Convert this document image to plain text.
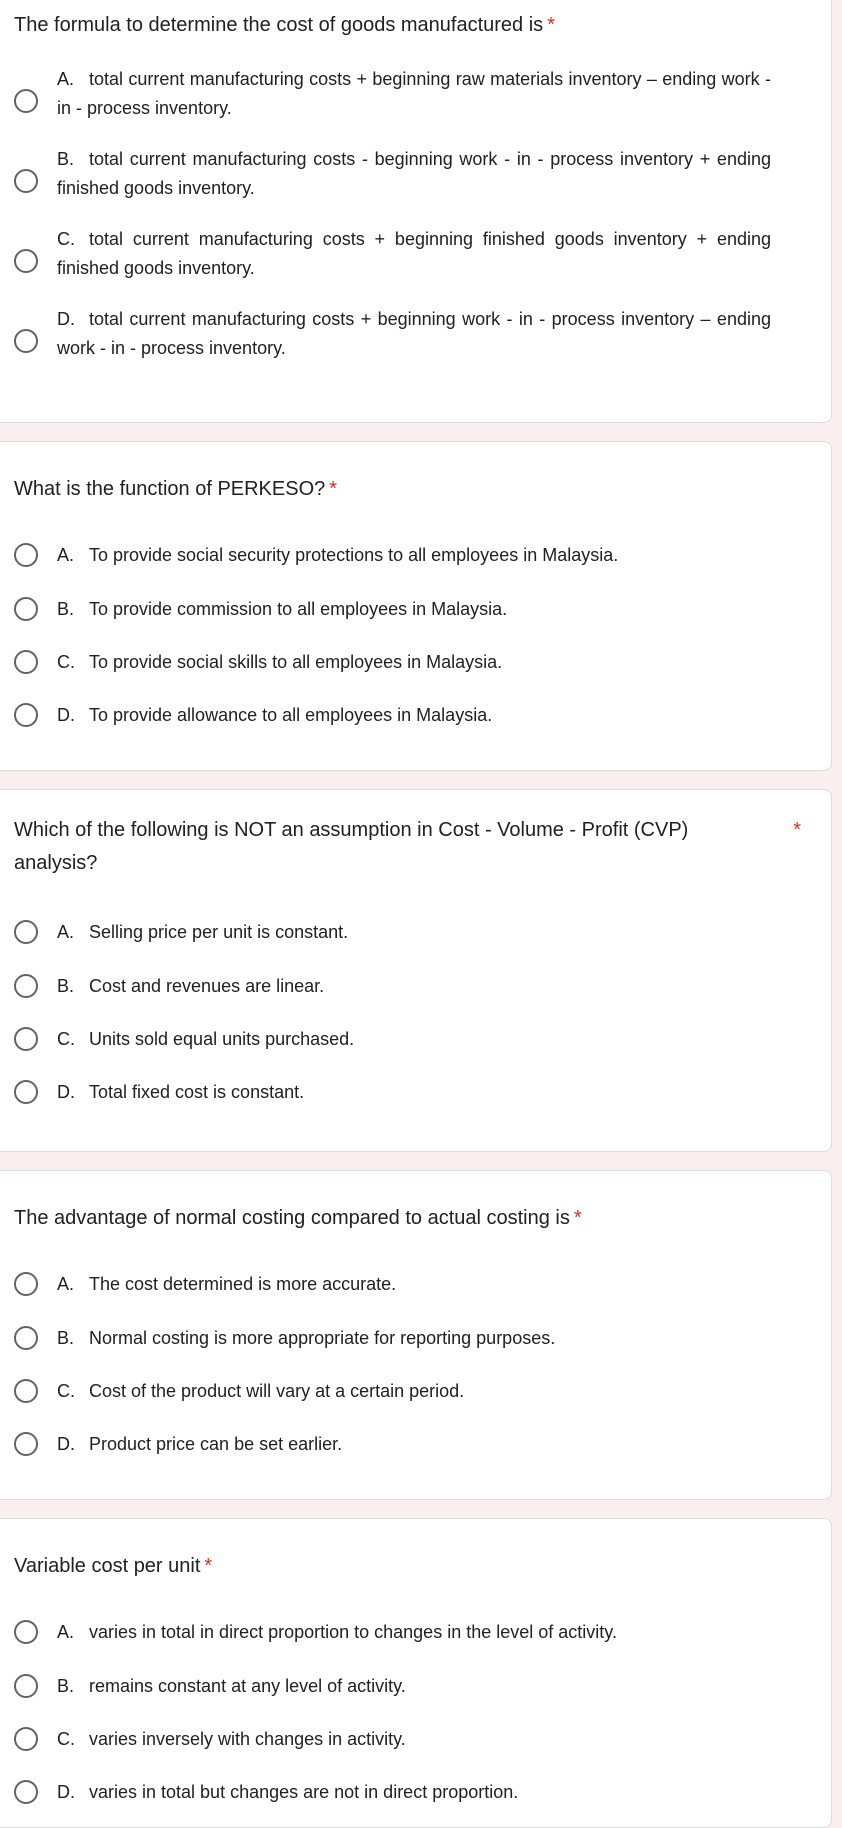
The formula to determine the cost of goods manufactured is *
A. total current manufacturing costs + beginning raw materials inventory – ending work - in - process inventory.
B. total current manufacturing costs - beginning work - in - process inventory + ending finished goods inventory.
C. total current manufacturing costs + beginning finished goods inventory + ending finished goods inventory.
D. total current manufacturing costs + beginning work - in - process inventory – ending work - in - process inventory.
What is the function of PERKESO? *
A. To provide social security protections to all employees in Malaysia.
B. To provide commission to all employees in Malaysia.
C. To provide social skills to all employees in Malaysia.
D. To provide allowance to all employees in Malaysia.
Which of the following is NOT an assumption in Cost - Volume - Profit (CVP) analysis?
*
A. Selling price per unit is constant.
B. Cost and revenues are linear.
C. Units sold equal units purchased.
D. Total fixed cost is constant.
The advantage of normal costing compared to actual costing is *
A. The cost determined is more accurate.
B. Normal costing is more appropriate for reporting purposes.
C. Cost of the product will vary at a certain period.
D. Product price can be set earlier.
Variable cost per unit *
A. varies in total in direct proportion to changes in the level of activity.
B. remains constant at any level of activity.
C. varies inversely with changes in activity.
D. varies in total but changes are not in direct proportion.
